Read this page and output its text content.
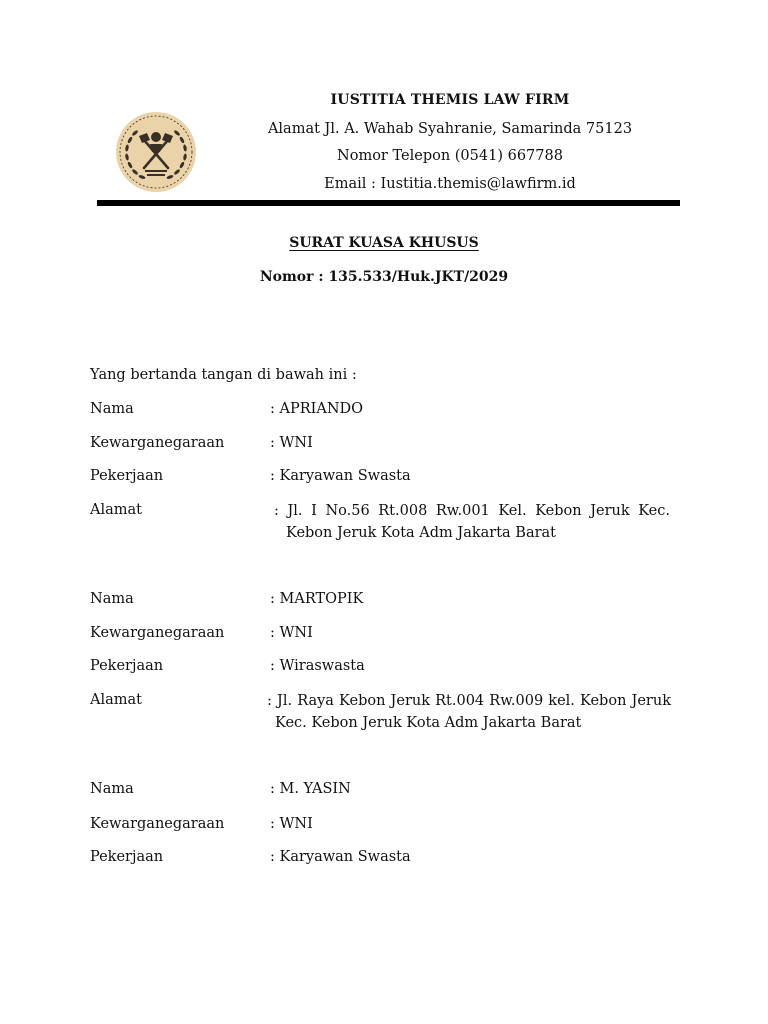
IUSTITIA THEMIS LAW FIRM
Alamat Jl. A. Wahab Syahranie, Samarinda 75123
Nomor Telepon (0541) 667788
Email : Iustitia.themis@lawfirm.id
SURAT KUASA KHUSUS
Nomor : 135.533/Huk.JKT/2029
Yang bertanda tangan di bawah ini :
Nama	: APRIANDO
Kewarganegaraan	: WNI
Pekerjaan	: Karyawan Swasta
Alamat	: Jl. I No.56 Rt.008 Rw.001 Kel. Kebon Jeruk Kec.
Kebon Jeruk Kota Adm Jakarta Barat
Nama	: MARTOPIK
Kewarganegaraan	: WNI
Pekerjaan	: Wiraswasta
Alamat	: Jl. Raya Kebon Jeruk Rt.004 Rw.009 kel. Kebon Jeruk
Kec. Kebon Jeruk Kota Adm Jakarta Barat
Nama	: M. YASIN
Kewarganegaraan	: WNI
Pekerjaan	: Karyawan Swasta
